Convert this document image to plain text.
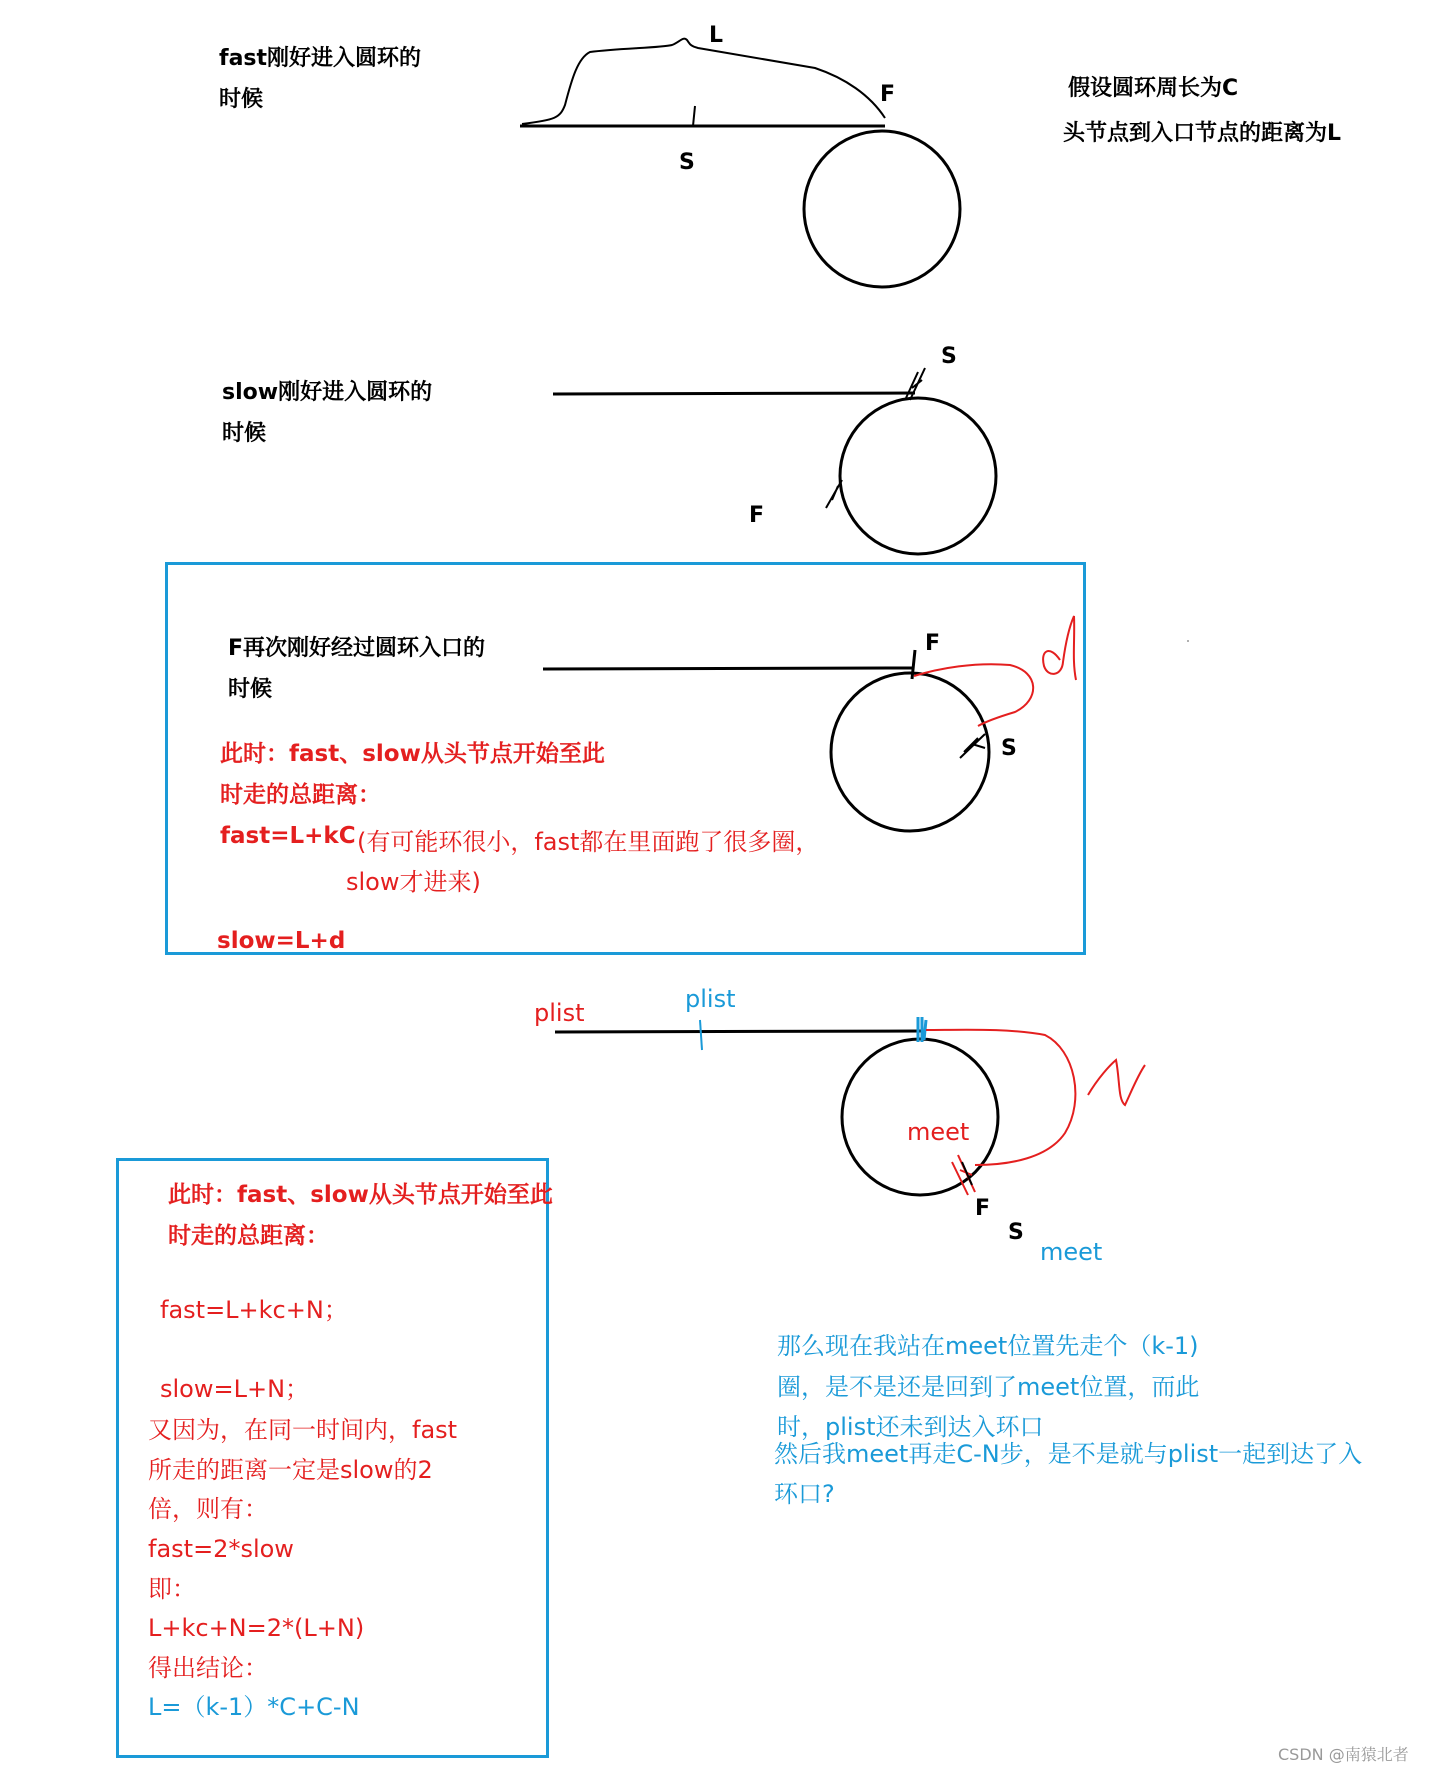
fast刚好进入圆环的
时候
L
F
S
假设圆环周长为C
头节点到入口节点的距离为L
slow刚好进入圆环的
时候
S
F
F再次刚好经过圆环入口的
时候
F
S
此时：fast、slow从头节点开始至此
时走的总距离：
fast=L+kC (有可能环很小，fast都在里面跑了很多圈，
slow才进来)
slow=L+d
plist	plist
meet
F
S
meet
此时：fast、slow从头节点开始至此
时走的总距离：
fast=L+kc+N；
slow=L+N；
又因为，在同一时间内，fast
所走的距离一定是slow的2
倍，则有：
fast=2*slow
即：
L+kc+N=2*(L+N)
得出结论：
L=（k-1）*C+C-N
那么现在我站在meet位置先走个（k-1)
圈，是不是还是回到了meet位置，而此
时，plist还未到达入环口
然后我meet再走C-N步，是不是就与plist一起到达了入
环口?
CSDN @南猿北者
